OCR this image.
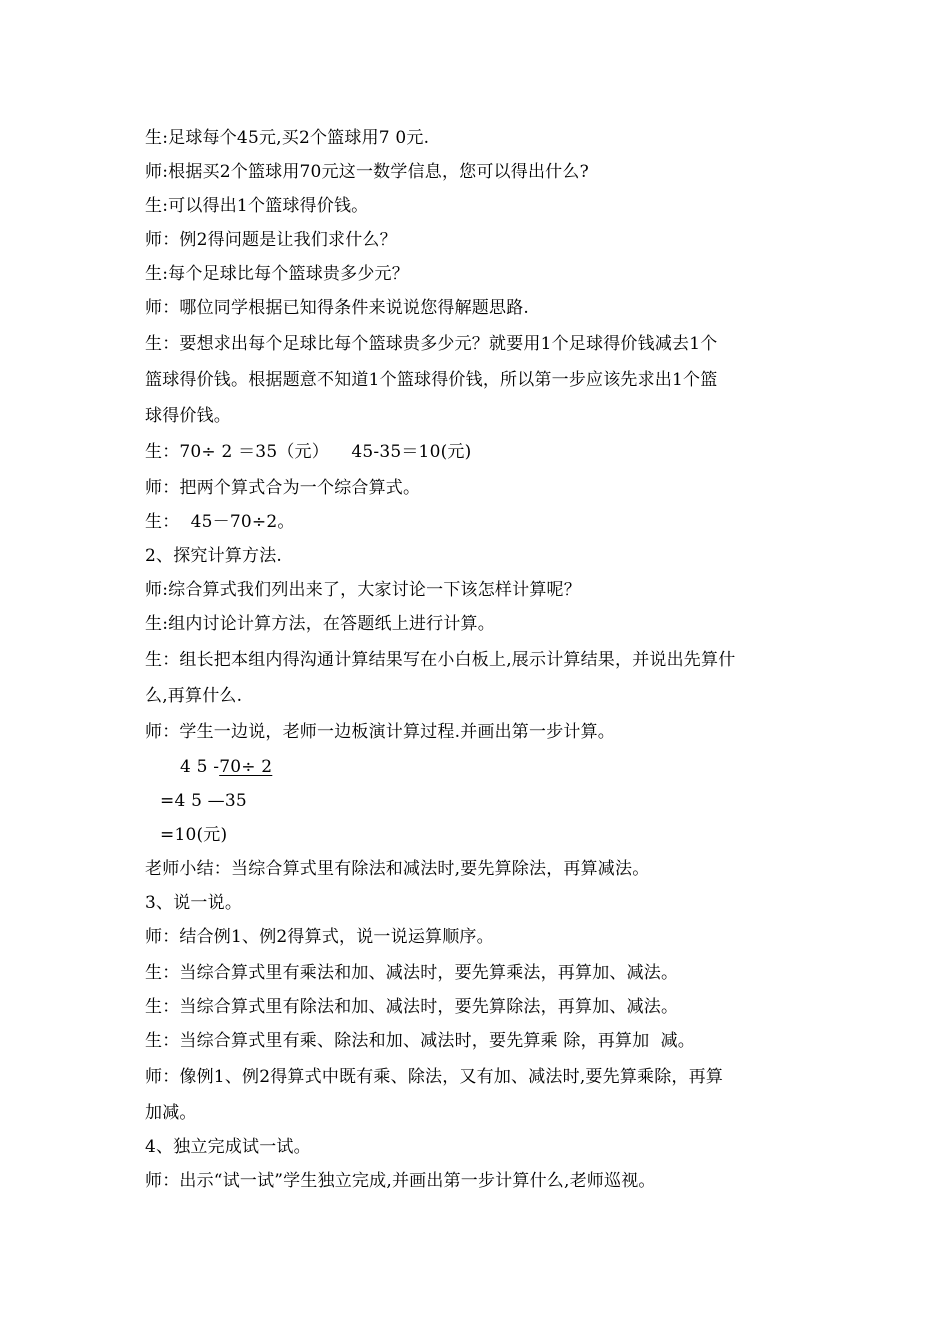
生:足球每个45元,买2个篮球用7 0元.
师:根据买2个篮球用70元这一数学信息，您可以得出什么?
生:可以得出1个篮球得价钱。
师：例2得问题是让我们求什么？
生:每个足球比每个篮球贵多少元？
师：哪位同学根据已知得条件来说说您得解题思路.
生：要想求出每个足球比每个篮球贵多少元？就要用1个足球得价钱减去1个
篮球得价钱。根据题意不知道1个篮球得价钱，所以第一步应该先求出1个篮
球得价钱。
生：70÷ 2 ＝35（元）    45-35＝10(元)
师：把两个算式合为一个综合算式。
生：  45－70÷2。
2、探究计算方法.
师:综合算式我们列出来了，大家讨论一下该怎样计算呢？
生:组内讨论计算方法，在答题纸上进行计算。
生：组长把本组内得沟通计算结果写在小白板上,展示计算结果，并说出先算什
么,再算什么.
师：学生一边说，老师一边板演计算过程.并画出第一步计算。
4 5 -70÷ 2
=4 5 —35
=10(元)
老师小结：当综合算式里有除法和减法时,要先算除法，再算减法。
3、说一说。
师：结合例1、例2得算式，说一说运算顺序。
生：当综合算式里有乘法和加、减法时，要先算乘法，再算加、减法。
生：当综合算式里有除法和加、减法时，要先算除法，再算加、减法。
生：当综合算式里有乘、除法和加、减法时，要先算乘 除，再算加  减。
师：像例1、例2得算式中既有乘、除法，又有加、减法时,要先算乘除，再算
加减。
4、独立完成试一试。
师：出示“试一试”学生独立完成,并画出第一步计算什么,老师巡视。
